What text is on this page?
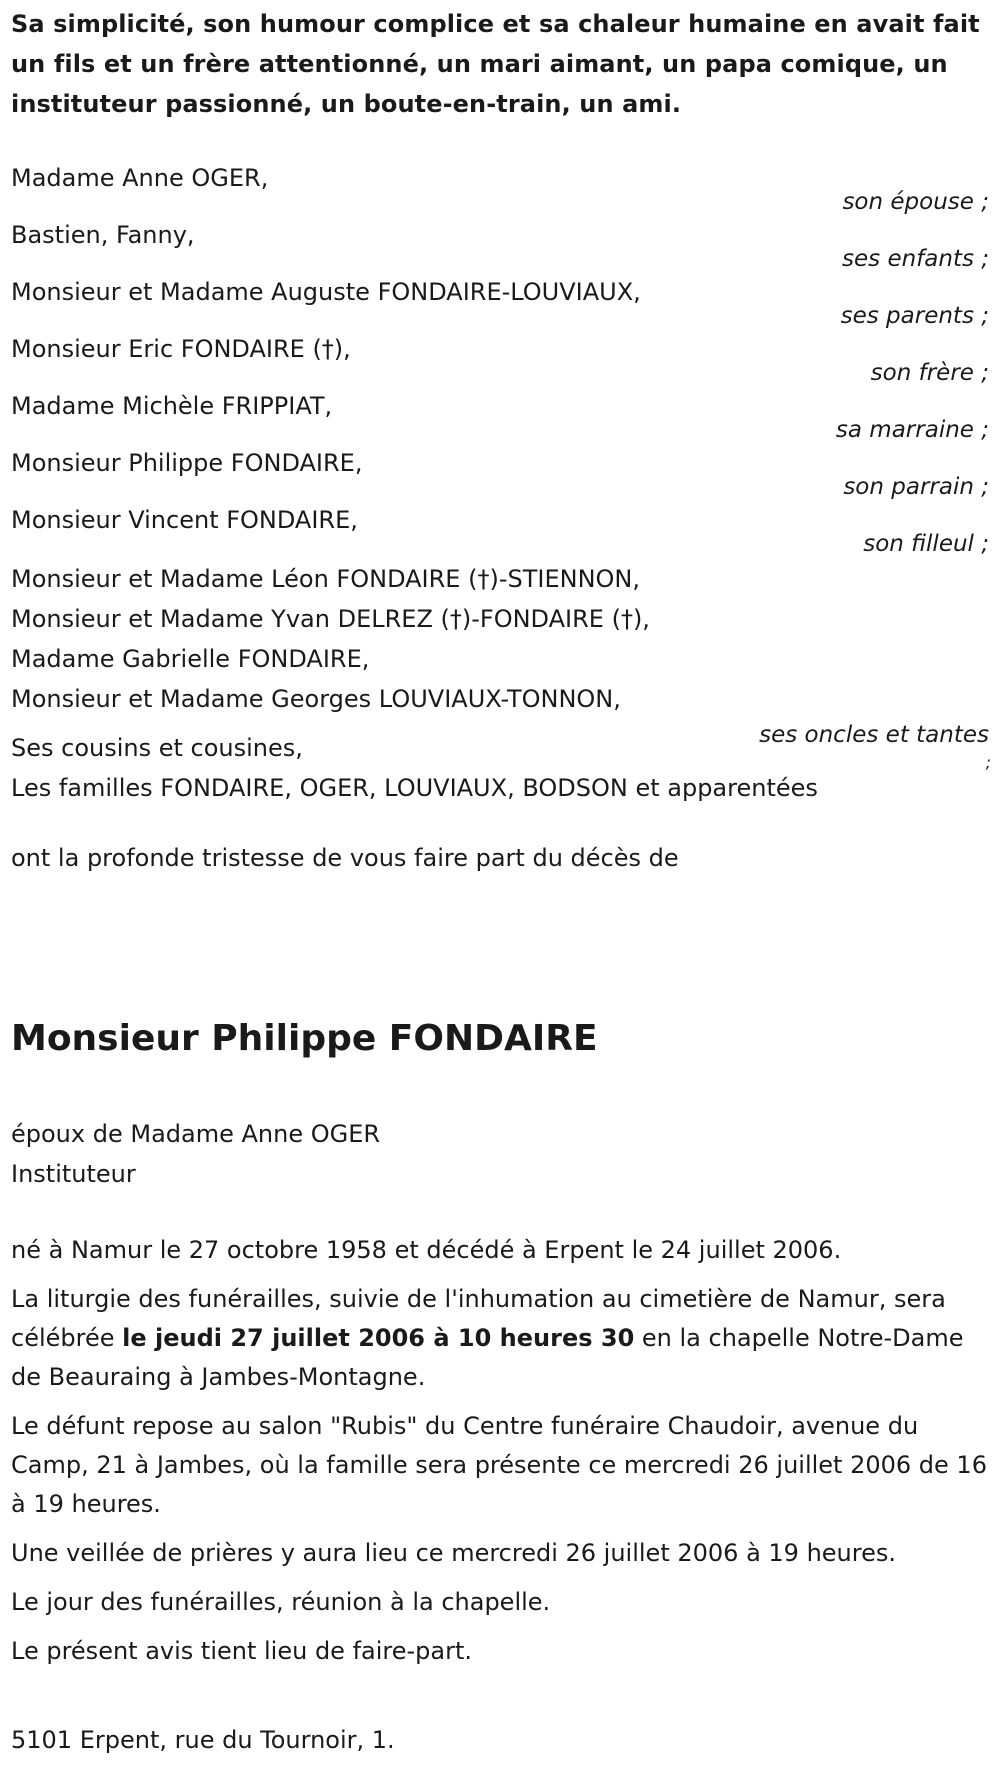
Sa simplicité, son humour complice et sa chaleur humaine en avait fait un fils et un frère attentionné, un mari aimant, un papa comique, un instituteur passionné, un boute-en-train, un ami.
Madame Anne OGER,
son épouse ;
Bastien, Fanny,
ses enfants ;
Monsieur et Madame Auguste FONDAIRE-LOUVIAUX,
ses parents ;
Monsieur Eric FONDAIRE (†),
son frère ;
Madame Michèle FRIPPIAT,
sa marraine ;
Monsieur Philippe FONDAIRE,
son parrain ;
Monsieur Vincent FONDAIRE,
son filleul ;
Monsieur et Madame Léon FONDAIRE (†)-STIENNON,
Monsieur et Madame Yvan DELREZ (†)-FONDAIRE (†),
Madame Gabrielle FONDAIRE,
Monsieur et Madame Georges LOUVIAUX-TONNON,
ses oncles et tantes
;
Ses cousins et cousines,
Les familles FONDAIRE, OGER, LOUVIAUX, BODSON et apparentées
ont la profonde tristesse de vous faire part du décès de
Monsieur Philippe FONDAIRE
époux de Madame Anne OGER
Instituteur

né à Namur le 27 octobre 1958 et décédé à Erpent le 24 juillet 2006.

La liturgie des funérailles, suivie de l'inhumation au cimetière de Namur, sera célébrée le jeudi 27 juillet 2006 à 10 heures 30 en la chapelle Notre-Dame de Beauraing à Jambes-Montagne.

Le défunt repose au salon "Rubis" du Centre funéraire Chaudoir, avenue du Camp, 21 à Jambes, où la famille sera présente ce mercredi 26 juillet 2006 de 16 à 19 heures.

Une veillée de prières y aura lieu ce mercredi 26 juillet 2006 à 19 heures.

Le jour des funérailles, réunion à la chapelle.

Le présent avis tient lieu de faire-part.

5101 Erpent, rue du Tournoir, 1.
